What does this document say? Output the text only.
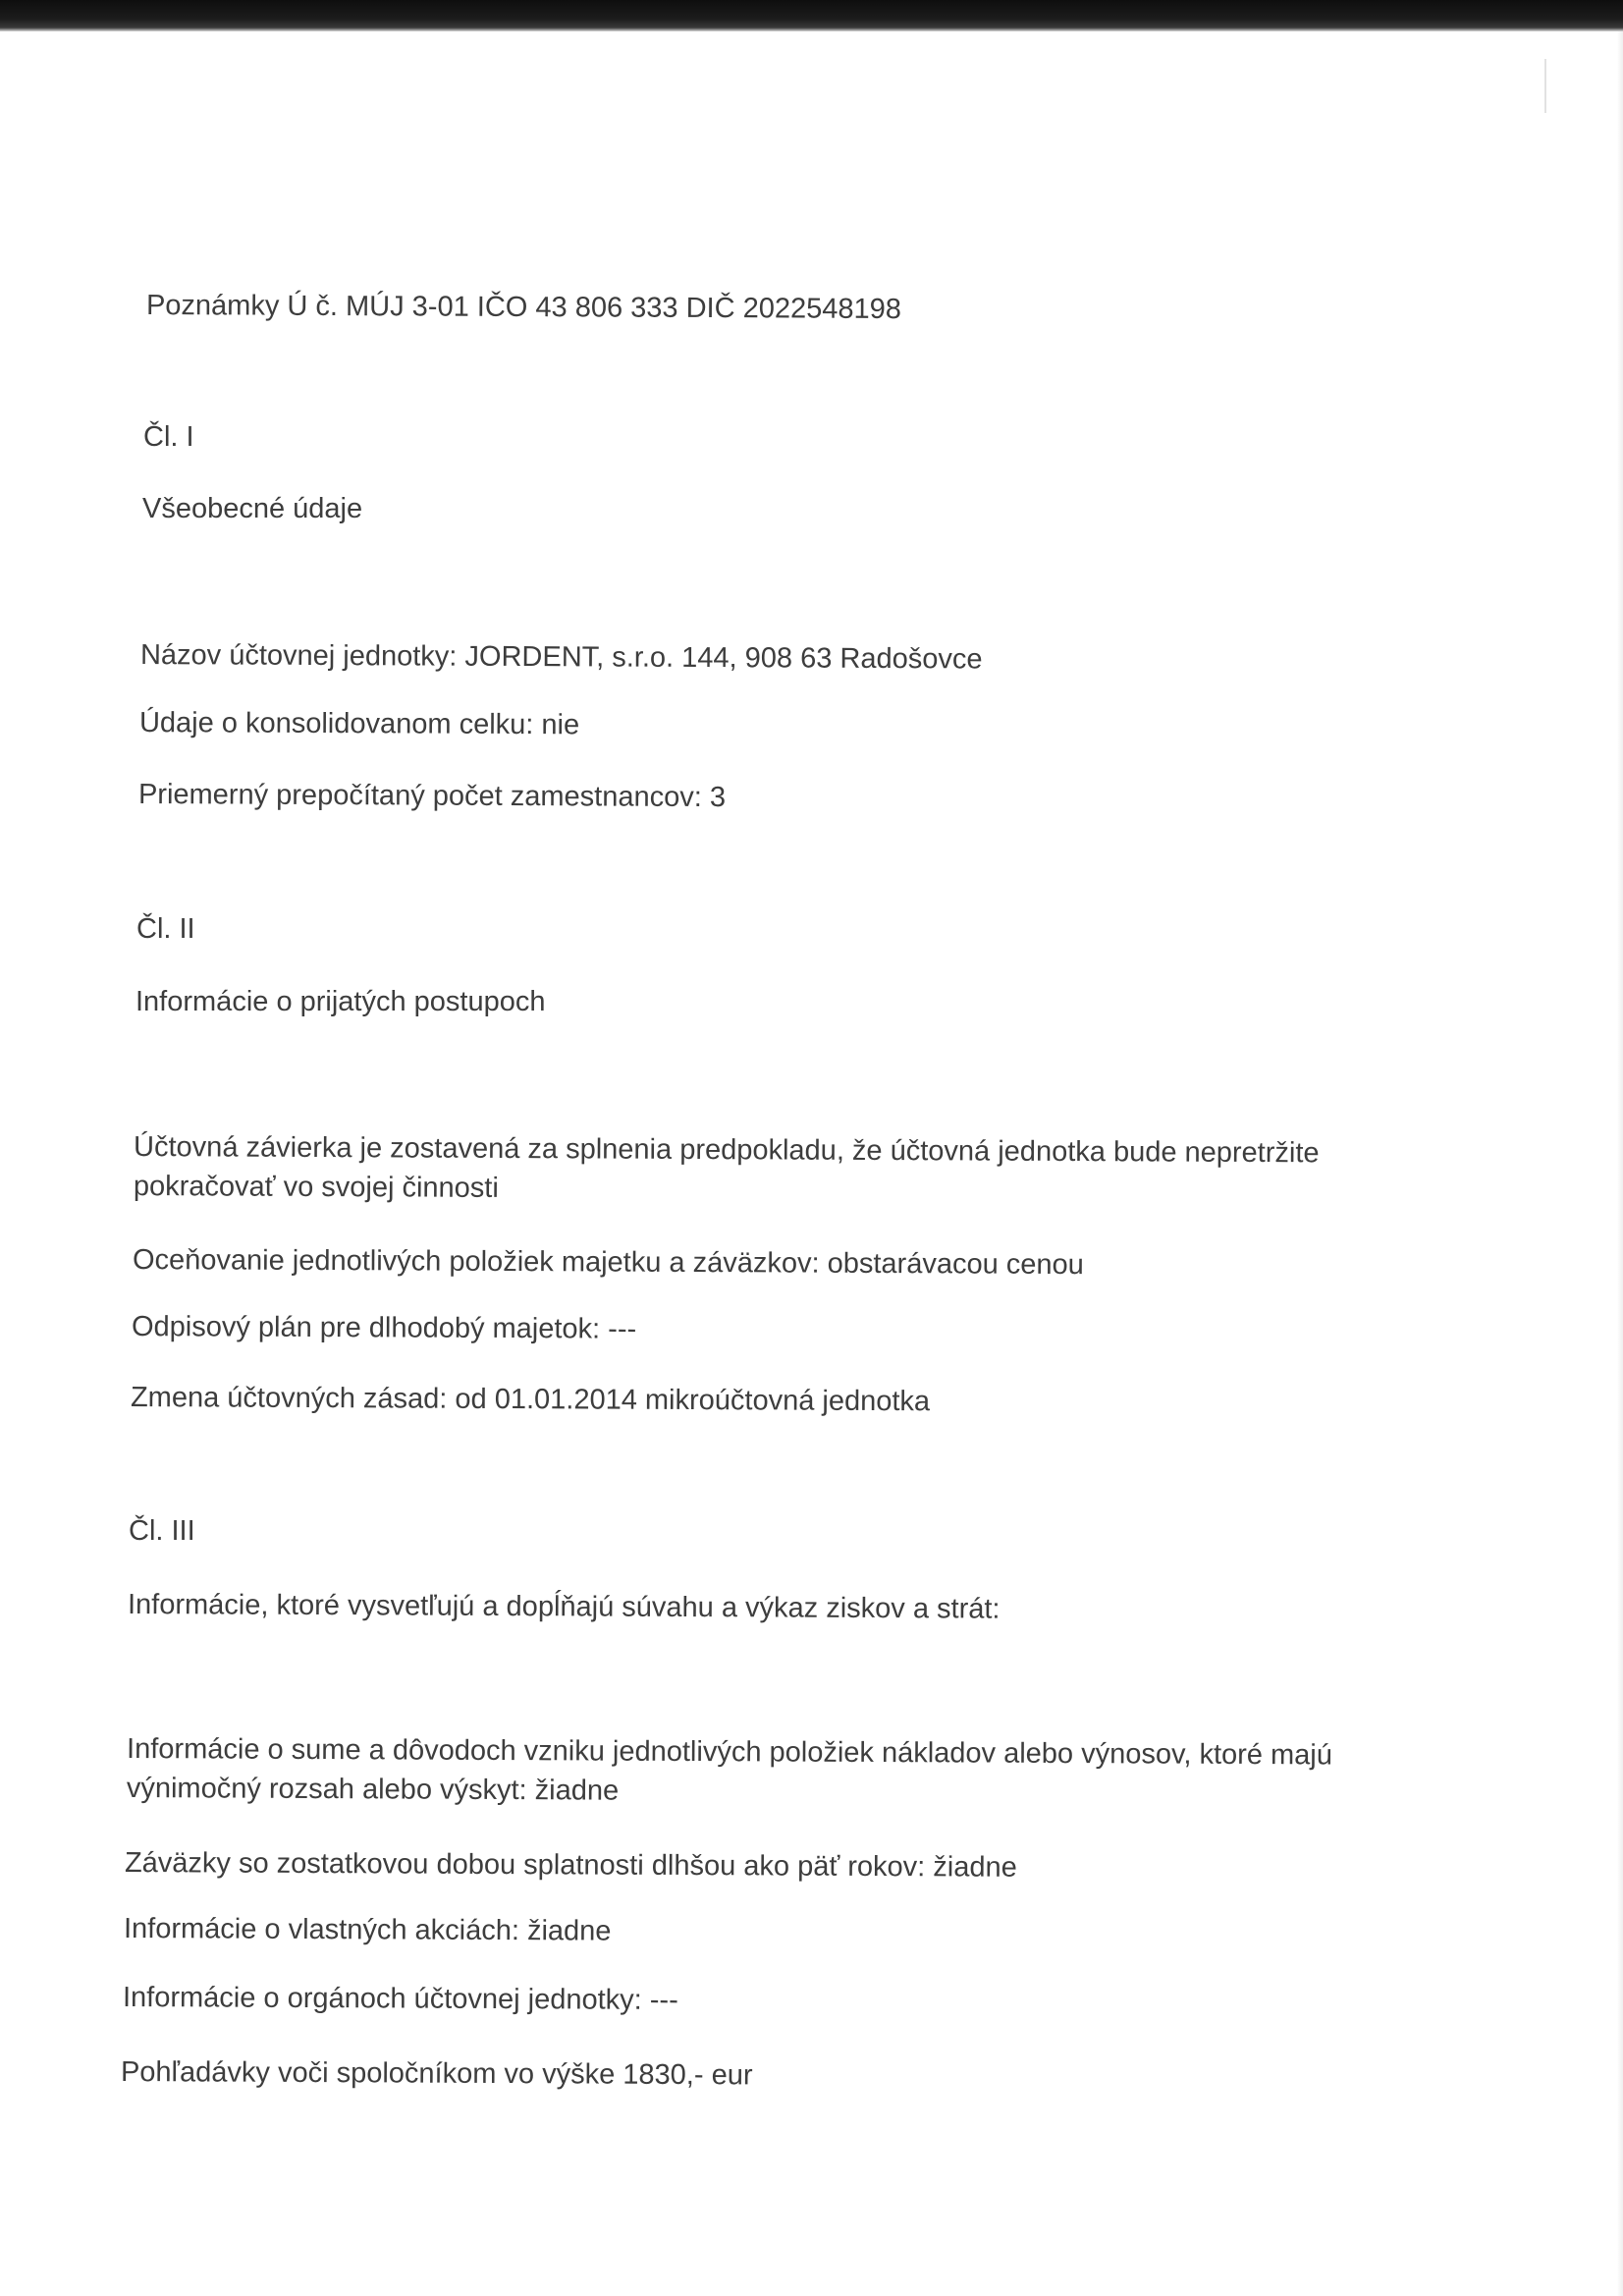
Poznámky Ú č. MÚJ 3-01 IČO 43 806 333 DIČ 2022548198
Čl. I
Všeobecné údaje
Názov účtovnej jednotky: JORDENT, s.r.o. 144, 908 63 Radošovce
Údaje o konsolidovanom celku: nie
Priemerný prepočítaný počet zamestnancov: 3
Čl. II
Informácie o prijatých postupoch
Účtovná závierka je zostavená za splnenia predpokladu, že účtovná jednotka bude nepretržite pokračovať vo svojej činnosti
Oceňovanie jednotlivých položiek majetku a záväzkov: obstarávacou cenou
Odpisový plán pre dlhodobý majetok: ---
Zmena účtovných zásad: od 01.01.2014 mikroúčtovná jednotka
Čl. III
Informácie, ktoré vysvetľujú a dopĺňajú súvahu a výkaz ziskov a strát:
Informácie o sume a dôvodoch vzniku jednotlivých položiek nákladov alebo výnosov, ktoré majú výnimočný rozsah alebo výskyt: žiadne
Záväzky so zostatkovou dobou splatnosti dlhšou ako päť rokov: žiadne
Informácie o vlastných akciách: žiadne
Informácie o orgánoch účtovnej jednotky: ---
Pohľadávky voči spoločníkom vo výške 1830,- eur
